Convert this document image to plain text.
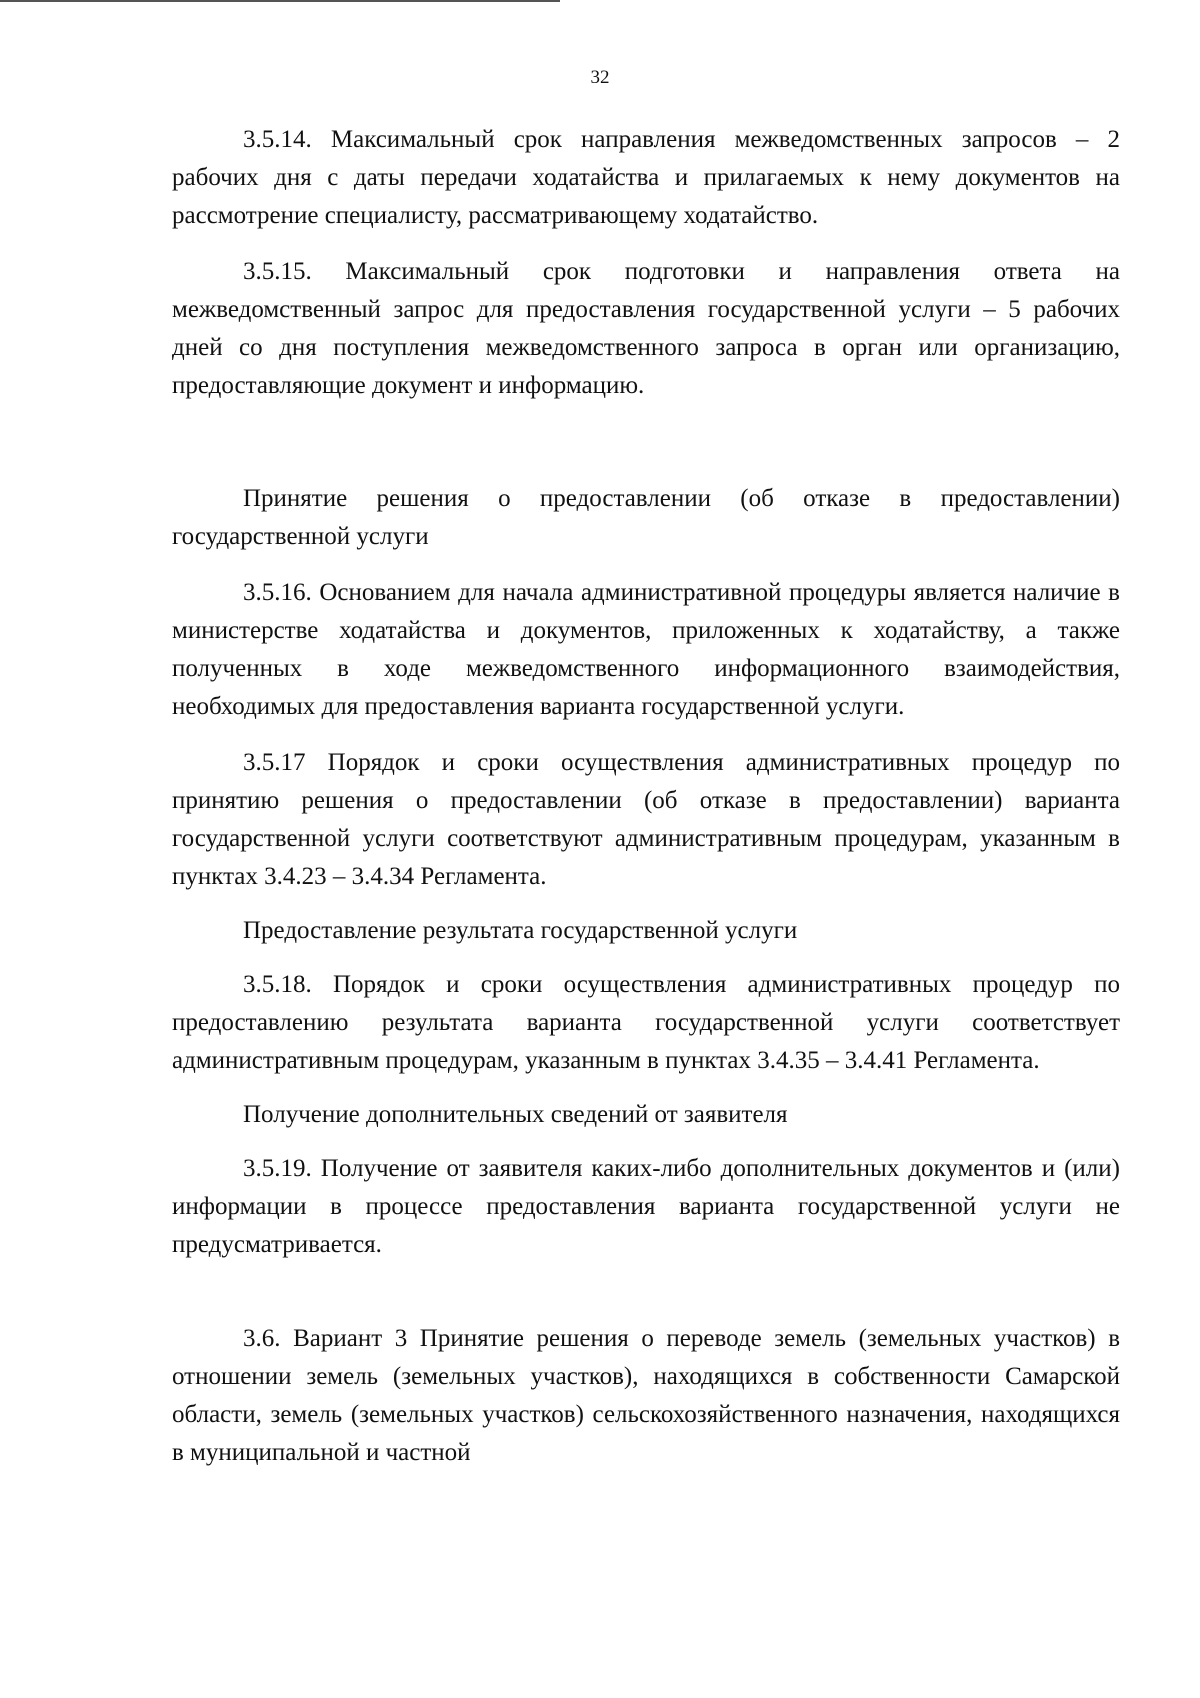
32

3.5.14. Максимальный срок направления межведомственных запросов – 2 рабочих дня с даты передачи ходатайства и прилагаемых к нему документов на рассмотрение специалисту, рассматривающему ходатайство.

3.5.15. Максимальный срок подготовки и направления ответа на межведомственный запрос для предоставления государственной услуги – 5 рабочих дней со дня поступления межведомственного запроса в орган или организацию, предоставляющие документ и информацию.

Принятие решения о предоставлении (об отказе в предоставлении) государственной услуги

3.5.16. Основанием для начала административной процедуры является наличие в министерстве ходатайства и документов, приложенных к ходатайству, а также полученных в ходе межведомственного информационного взаимодействия, необходимых для предоставления варианта государственной услуги.

3.5.17 Порядок и сроки осуществления административных процедур по принятию решения о предоставлении (об отказе в предоставлении) варианта государственной услуги соответствуют административным процедурам, указанным в пунктах 3.4.23 – 3.4.34 Регламента.

Предоставление результата государственной услуги

3.5.18. Порядок и сроки осуществления административных процедур по предоставлению результата варианта государственной услуги соответствует административным процедурам, указанным в пунктах 3.4.35 – 3.4.41 Регламента.

Получение дополнительных сведений от заявителя

3.5.19. Получение от заявителя каких-либо дополнительных документов и (или) информации в процессе предоставления варианта государственной услуги не предусматривается.

3.6. Вариант 3 Принятие решения о переводе земель (земельных участков) в отношении земель (земельных участков), находящихся в собственности Самарской области, земель (земельных участков) сельскохозяйственного назначения, находящихся в муниципальной и частной
